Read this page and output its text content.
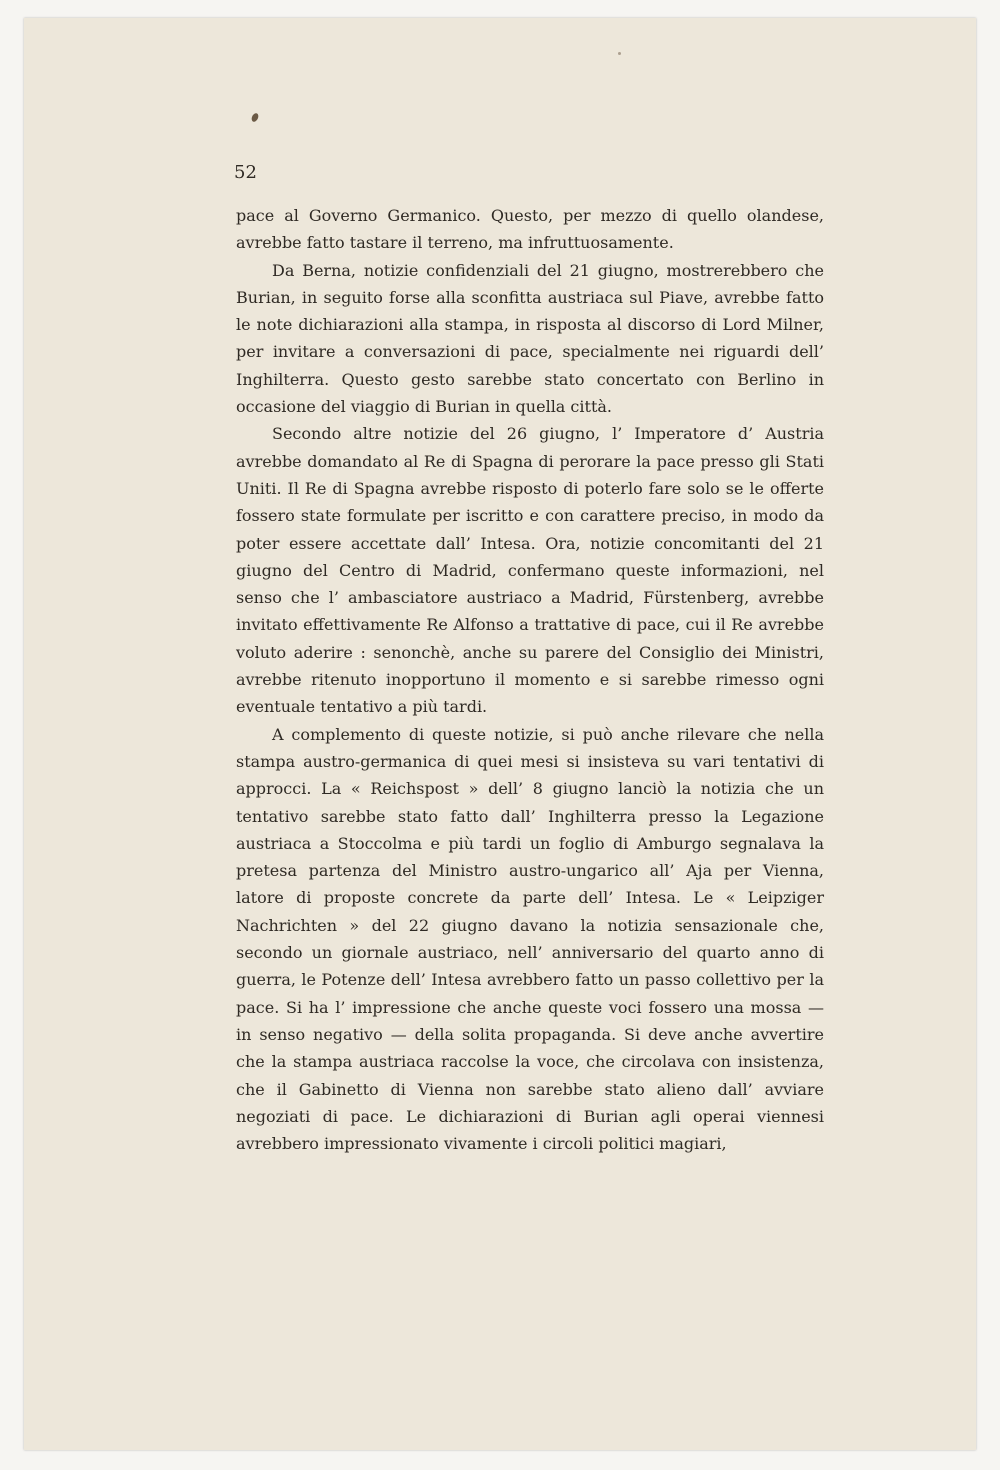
52

pace al Governo Germanico. Questo, per mezzo di quello olandese, avrebbe fatto tastare il terreno, ma infruttuosamente.

Da Berna, notizie confidenziali del 21 giugno, mostrerebbero che Burian, in seguito forse alla sconfitta austriaca sul Piave, avrebbe fatto le note dichiarazioni alla stampa, in risposta al discorso di Lord Milner, per invitare a conversazioni di pace, specialmente nei riguardi dell’ Inghilterra. Questo gesto sarebbe stato concertato con Berlino in occasione del viaggio di Burian in quella città.

Secondo altre notizie del 26 giugno, l’ Imperatore d’ Austria avrebbe domandato al Re di Spagna di perorare la pace presso gli Stati Uniti. Il Re di Spagna avrebbe risposto di poterlo fare solo se le offerte fossero state formulate per iscritto e con carattere preciso, in modo da poter essere accettate dall’ Intesa. Ora, notizie concomitanti del 21 giugno del Centro di Madrid, confermano queste informazioni, nel senso che l’ ambasciatore austriaco a Madrid, Fürstenberg, avrebbe invitato effettivamente Re Alfonso a trattative di pace, cui il Re avrebbe voluto aderire : senonchè, anche su parere del Consiglio dei Ministri, avrebbe ritenuto inopportuno il momento e si sarebbe rimesso ogni eventuale tentativo a più tardi.

A complemento di queste notizie, si può anche rilevare che nella stampa austro-germanica di quei mesi si insisteva su vari tentativi di approcci. La « Reichspost » dell’ 8 giugno lanciò la notizia che un tentativo sarebbe stato fatto dall’ Inghilterra presso la Legazione austriaca a Stoccolma e più tardi un foglio di Amburgo segnalava la pretesa partenza del Ministro austro-ungarico all’ Aja per Vienna, latore di proposte concrete da parte dell’ Intesa. Le « Leipziger Nachrichten » del 22 giugno davano la notizia sensazionale che, secondo un giornale austriaco, nell’ anniversario del quarto anno di guerra, le Potenze dell’ Intesa avrebbero fatto un passo collettivo per la pace. Si ha l’ impressione che anche queste voci fossero una mossa — in senso negativo — della solita propaganda. Si deve anche avvertire che la stampa austriaca raccolse la voce, che circolava con insistenza, che il Gabinetto di Vienna non sarebbe stato alieno dall’ avviare negoziati di pace. Le dichiarazioni di Burian agli operai viennesi avrebbero impressionato vivamente i circoli politici magiari,
